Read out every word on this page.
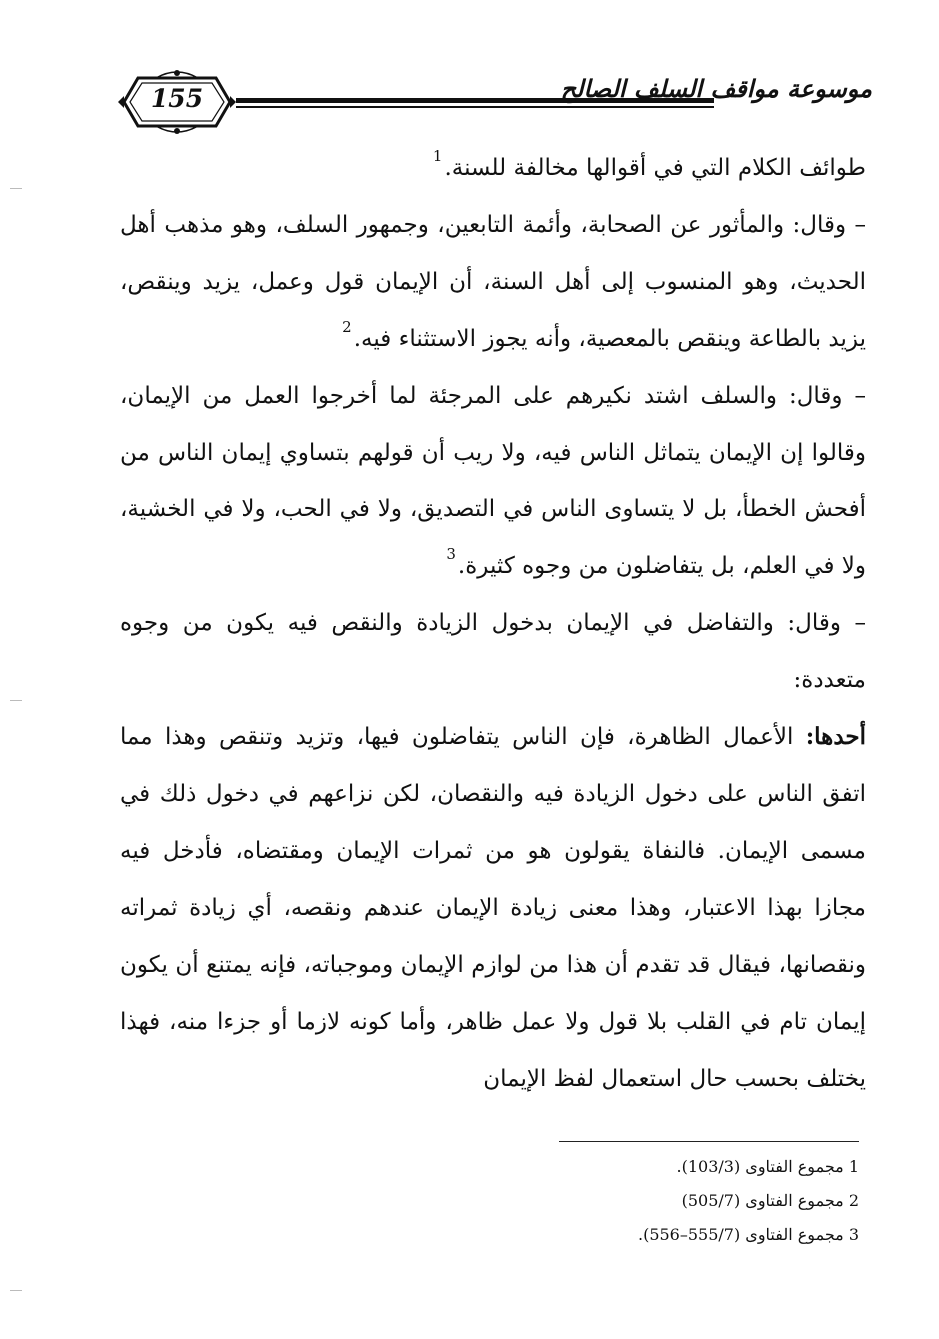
155	موسوعة مواقف السلف الصالح

طوائف الكلام التي في أقوالها مخالفة للسنة.$^1$

– وقال: والمأثور عن الصحابة، وأئمة التابعين، وجمهور السلف، وهو مذهب أهل الحديث، وهو المنسوب إلى أهل السنة، أن الإيمان قول وعمل، يزيد وينقص، يزيد بالطاعة وينقص بالمعصية، وأنه يجوز الاستثناء فيه.$^2$

– وقال: والسلف اشتد نكيرهم على المرجئة لما أخرجوا العمل من الإيمان، وقالوا إن الإيمان يتماثل الناس فيه، ولا ريب أن قولهم بتساوي إيمان الناس من أفحش الخطأ، بل لا يتساوى الناس في التصديق، ولا في الحب، ولا في الخشية، ولا في العلم، بل يتفاضلون من وجوه كثيرة.$^3$

– وقال: والتفاضل في الإيمان بدخول الزيادة والنقص فيه يكون من وجوه متعددة:

أحدها: الأعمال الظاهرة، فإن الناس يتفاضلون فيها، وتزيد وتنقص وهذا مما اتفق الناس على دخول الزيادة فيه والنقصان، لكن نزاعهم في دخول ذلك في مسمى الإيمان. فالنفاة يقولون هو من ثمرات الإيمان ومقتضاه، فأدخل فيه مجازا بهذا الاعتبار، وهذا معنى زيادة الإيمان عندهم ونقصه، أي زيادة ثمراته ونقصانها، فيقال قد تقدم أن هذا من لوازم الإيمان وموجباته، فإنه يمتنع أن يكون إيمان تام في القلب بلا قول ولا عمل ظاهر، وأما كونه لازما أو جزءا منه، فهذا يختلف بحسب حال استعمال لفظ الإيمان

1 مجموع الفتاوى (103/3).

2 مجموع الفتاوى (505/7)

3 مجموع الفتاوى (555/7–556).
